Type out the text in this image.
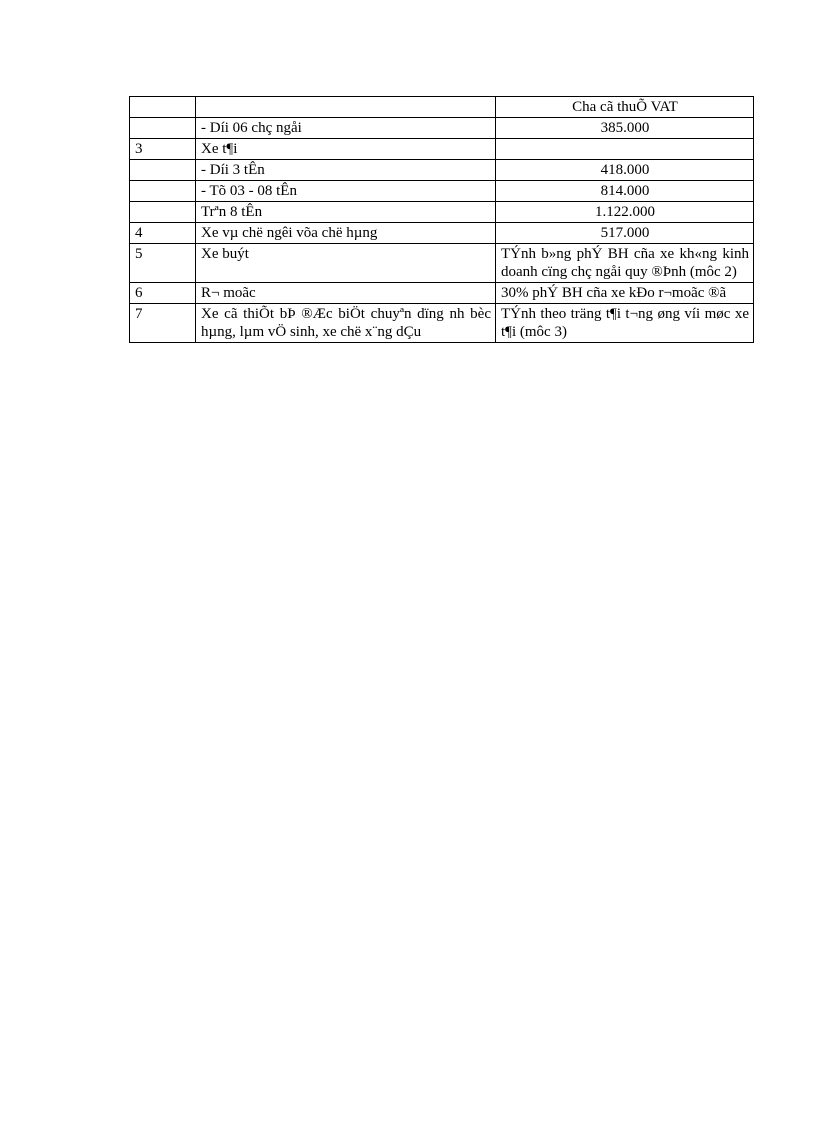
		Cha cã thuÕ VAT
	- Díi 06 chç ngåi	385.000
3	Xe t¶i	
	- Díi 3 tÊn	418.000
	- Tõ 03 - 08 tÊn	814.000
	Trªn 8 tÊn	1.122.000
4	Xe vµ chë ngêi võa chë hµng	517.000
5	Xe buýt	TÝnh b»ng phÝ BH cña xe kh«ng kinh doanh cïng chç ngåi quy ®Þnh (môc 2)
6	R¬ moãc	30% phÝ BH cña xe kÐo r¬moãc ®ã
7	Xe cã thiÕt bÞ ®Æc biÖt chuyªn dïng nh bèc hµng, lµm vÖ sinh, xe chë x¨ng dÇu	TÝnh theo träng t¶i t¬ng øng víi møc xe t¶i (môc 3)
